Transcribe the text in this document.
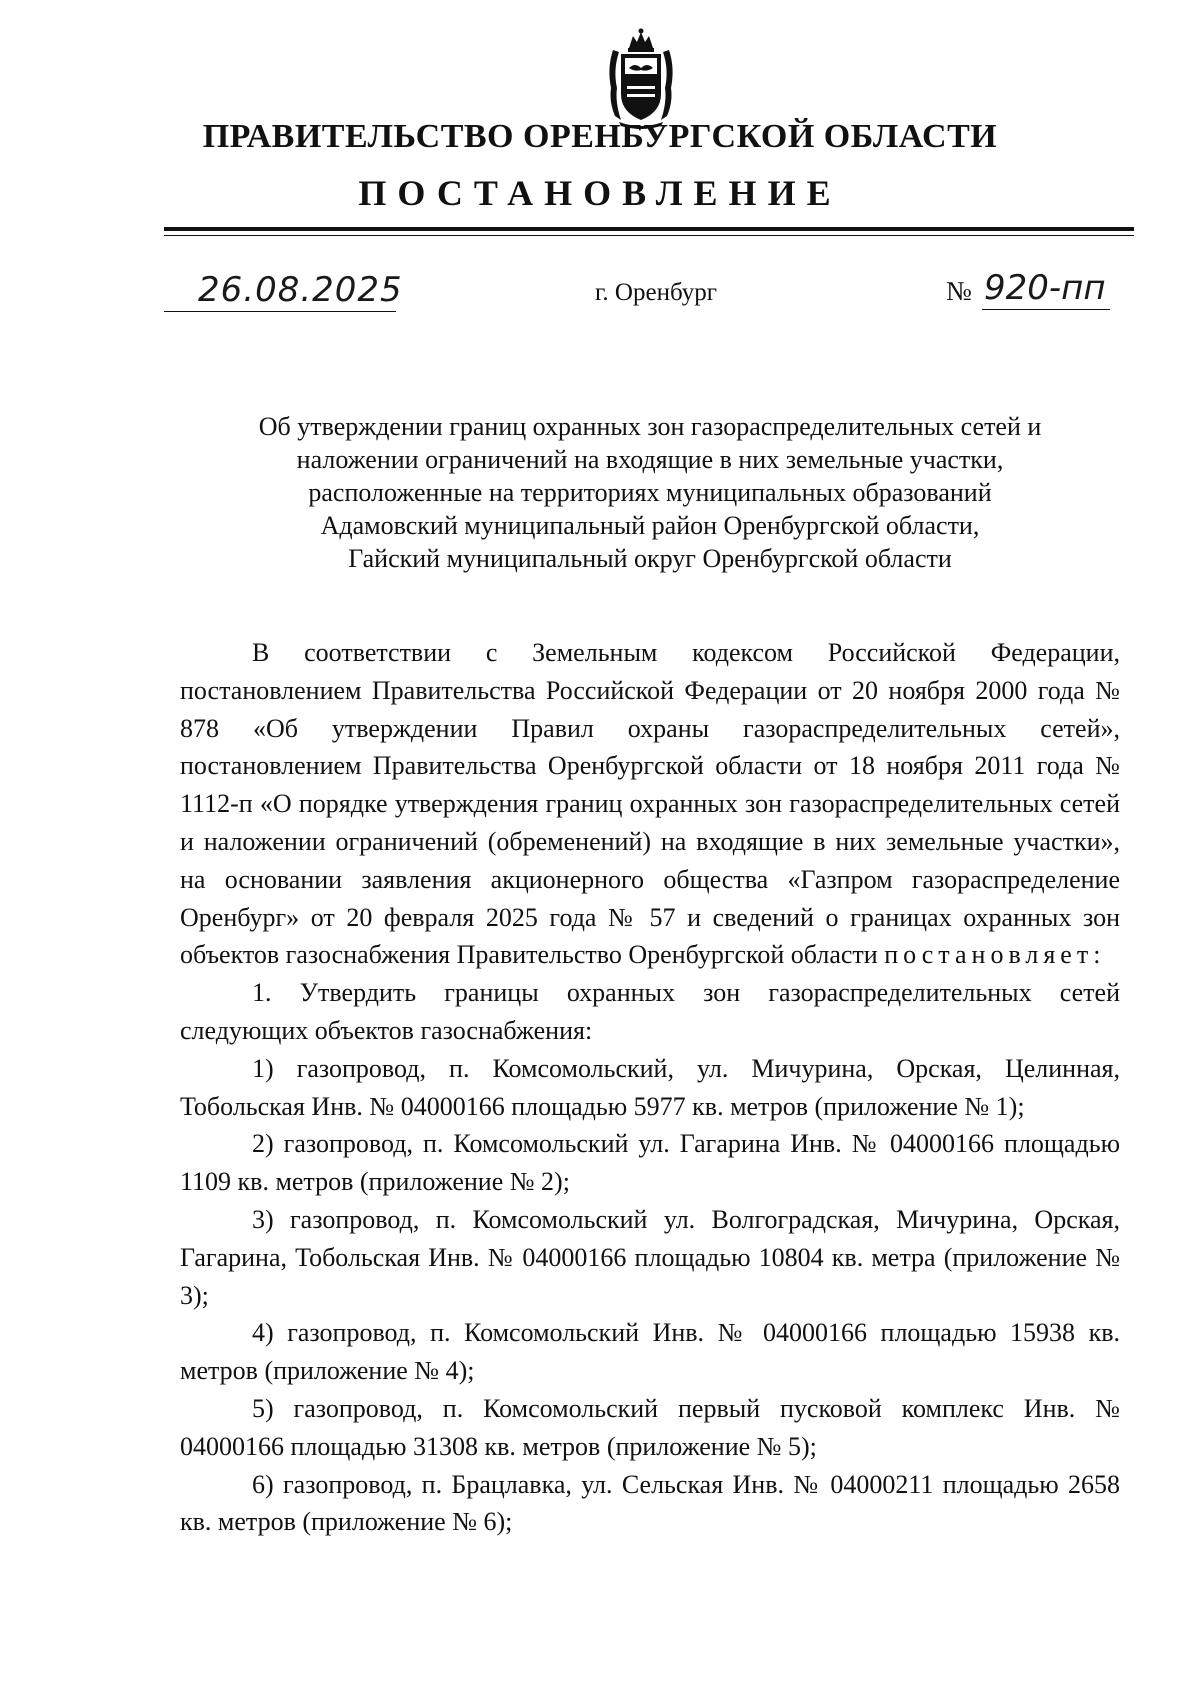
ПРАВИТЕЛЬСТВО ОРЕНБУРГСКОЙ ОБЛАСТИ
ПОСТАНОВЛЕНИЕ
26.08.2025	г. Оренбург	№ 920-пп
Об утверждении границ охранных зон газораспределительных сетей и
наложении ограничений на входящие в них земельные участки,
расположенные на территориях муниципальных образований
Адамовский муниципальный район Оренбургской области,
Гайский муниципальный округ Оренбургской области

В соответствии с Земельным кодексом Российской Федерации, постановлением Правительства Российской Федерации от 20 ноября 2000 года № 878 «Об утверждении Правил охраны газораспределительных сетей», постановлением Правительства Оренбургской области от 18 ноября 2011 года № 1112-п «О порядке утверждения границ охранных зон газораспределительных сетей и наложении ограничений (обременений) на входящие в них земельные участки», на основании заявления акционерного общества «Газпром газораспределение Оренбург» от 20 февраля 2025 года № 57 и сведений о границах охранных зон объектов газоснабжения Правительство Оренбургской области постановляет:

1. Утвердить границы охранных зон газораспределительных сетей следующих объектов газоснабжения:

1) газопровод, п. Комсомольский, ул. Мичурина, Орская, Целинная, Тобольская Инв. № 04000166 площадью 5977 кв. метров (приложение № 1);

2) газопровод, п. Комсомольский ул. Гагарина Инв. № 04000166 площадью 1109 кв. метров (приложение № 2);

3) газопровод, п. Комсомольский ул. Волгоградская, Мичурина, Орская, Гагарина, Тобольская Инв. № 04000166 площадью 10804 кв. метра (приложение № 3);

4) газопровод, п. Комсомольский Инв. № 04000166 площадью 15938 кв. метров (приложение № 4);

5) газопровод, п. Комсомольский первый пусковой комплекс Инв. № 04000166 площадью 31308 кв. метров (приложение № 5);

6) газопровод, п. Брацлавка, ул. Сельская Инв. № 04000211 площадью 2658 кв. метров (приложение № 6);
